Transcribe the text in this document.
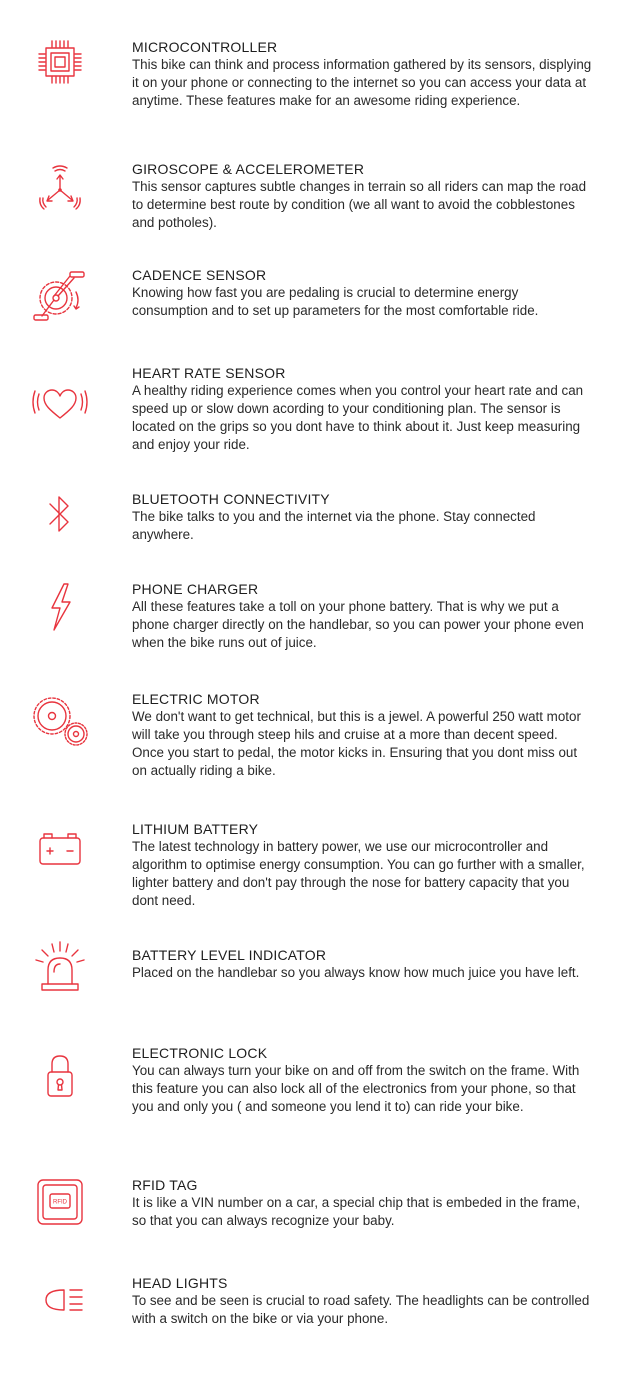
MICROCONTROLLER
This bike can think and process information gathered by its sensors, displying it on your phone or connecting to the internet so you can access your data at anytime. These features make for an awesome riding experience.
GIROSCOPE & ACCELEROMETER
This sensor captures subtle changes in terrain so all riders can map the road to determine best route by condition (we all want to avoid the cobblestones and potholes).
CADENCE SENSOR
Knowing how fast you are pedaling is crucial to determine energy consumption and to set up parameters for the most comfortable ride.
HEART RATE SENSOR
A healthy riding experience comes when you control your heart rate and can speed up or slow down acording to your conditioning plan. The sensor is located on the grips so you dont have to think about it. Just keep measuring and enjoy your ride.
BLUETOOTH CONNECTIVITY
The bike talks to you and the internet via the phone. Stay connected anywhere.
PHONE CHARGER
All these features take a toll on your phone battery. That is why we put a phone charger directly on the handlebar, so you can power your phone even when the bike runs out of juice.
ELECTRIC MOTOR
We don't want to get technical, but this is a jewel. A powerful 250 watt motor will take you through steep hils and cruise at a more than decent speed. Once you start to pedal, the motor kicks in. Ensuring that you dont miss out on actually riding a bike.
LITHIUM BATTERY
The latest technology in battery power, we use our microcontroller and algorithm to optimise energy consumption. You can go further with a smaller, lighter battery and don't pay through the nose for battery capacity that you dont need.
BATTERY LEVEL INDICATOR
Placed on the handlebar so you always know how much juice you have left.
ELECTRONIC LOCK
You can always turn your bike on and off from the switch on the frame. With this feature you can also lock all of the electronics from your phone, so that you and only you ( and someone you lend it to) can ride your bike.
RFID
RFID TAG
It is like a VIN number on a car, a special chip that is embeded in the frame, so that you can always recognize your baby.
HEAD LIGHTS
To see and be seen is crucial to road safety. The headlights can be controlled with a switch on the bike or via your phone.
